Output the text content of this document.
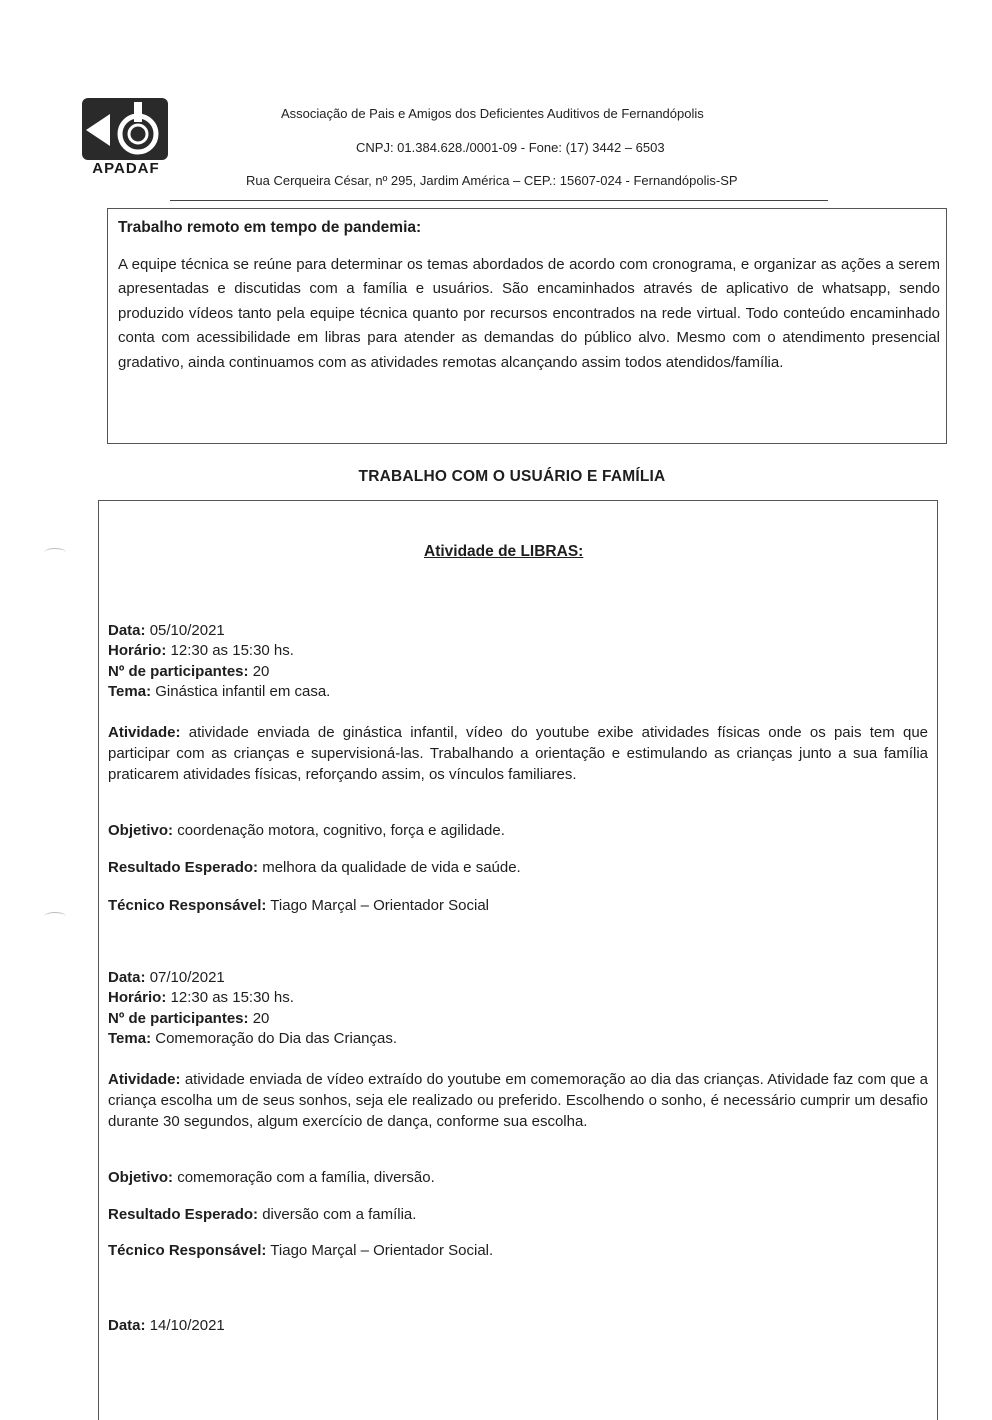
APADAF
Associação de Pais e Amigos dos Deficientes Auditivos de Fernandópolis
CNPJ: 01.384.628./0001-09 - Fone: (17) 3442 – 6503
Rua Cerqueira César, nº 295, Jardim América – CEP.: 15607-024 - Fernandópolis-SP
Trabalho remoto em tempo de pandemia:
A equipe técnica se reúne para determinar os temas abordados de acordo com cronograma, e organizar as ações a serem apresentadas e discutidas com a família e usuários. São encaminhados através de aplicativo de whatsapp, sendo produzido vídeos tanto pela equipe técnica quanto por recursos encontrados na rede virtual. Todo conteúdo encaminhado conta com acessibilidade em libras para atender as demandas do público alvo. Mesmo com o atendimento presencial gradativo, ainda continuamos com as atividades remotas alcançando assim todos atendidos/família.
TRABALHO COM O USUÁRIO E FAMÍLIA
Atividade de LIBRAS:
Data: 05/10/2021
Horário: 12:30 as 15:30 hs.
Nº de participantes: 20
Tema: Ginástica infantil em casa.
Atividade: atividade enviada de ginástica infantil, vídeo do youtube exibe atividades físicas onde os pais tem que participar com as crianças e supervisioná-las. Trabalhando a orientação e estimulando as crianças junto a sua família praticarem atividades físicas, reforçando assim, os vínculos familiares.
Objetivo: coordenação motora, cognitivo, força e agilidade.
Resultado Esperado: melhora da qualidade de vida e saúde.
Técnico Responsável: Tiago Marçal – Orientador Social
Data: 07/10/2021
Horário: 12:30 as 15:30 hs.
Nº de participantes: 20
Tema: Comemoração do Dia das Crianças.
Atividade: atividade enviada de vídeo extraído do youtube em comemoração ao dia das crianças. Atividade faz com que a criança escolha um de seus sonhos, seja ele realizado ou preferido. Escolhendo o sonho, é necessário cumprir um desafio durante 30 segundos, algum exercício de dança, conforme sua escolha.
Objetivo: comemoração com a família, diversão.
Resultado Esperado: diversão com a família.
Técnico Responsável: Tiago Marçal – Orientador Social.
Data: 14/10/2021
